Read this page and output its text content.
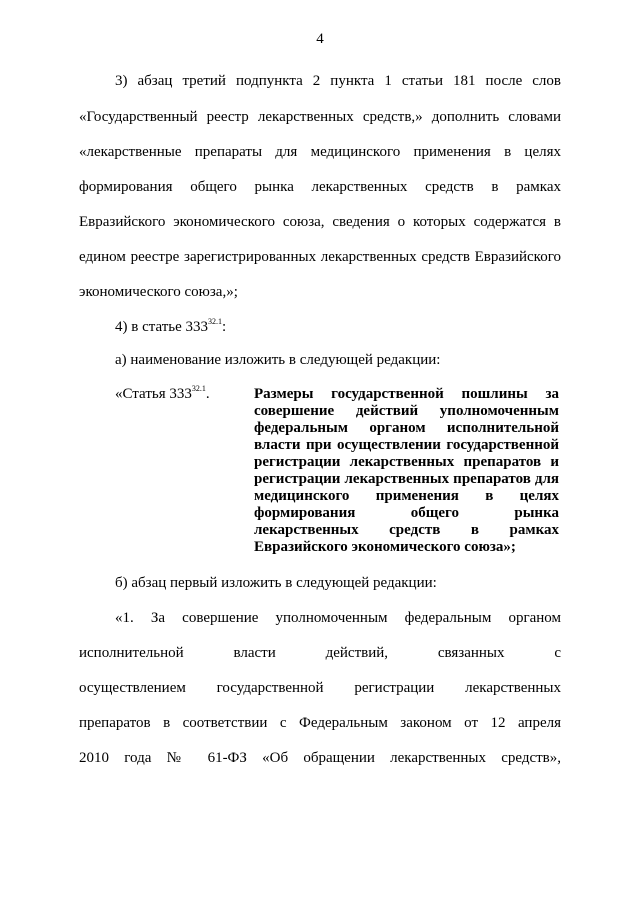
4
3) абзац третий подпункта 2 пункта 1 статьи 181 после слов
«Государственный реестр лекарственных средств,» дополнить словами
«лекарственные препараты для медицинского применения в целях
формирования общего рынка лекарственных средств в рамках
Евразийского экономического союза, сведения о которых содержатся в
едином реестре зарегистрированных лекарственных средств Евразийского
экономического союза,»;
4) в статье $333^{32.1}$:
а) наименование изложить в следующей редакции:
«Статья $333^{32.1}$.	Размеры государственной пошлины за
совершение действий уполномоченным
федеральным органом исполнительной
власти при осуществлении государственной
регистрации лекарственных препаратов и
регистрации лекарственных препаратов для
медицинского применения в целях
формирования общего рынка
лекарственных средств в рамках
Евразийского экономического союза»;
б) абзац первый изложить в следующей редакции:
«1. За совершение уполномоченным федеральным органом
исполнительной власти действий, связанных с
осуществлением государственной регистрации лекарственных
препаратов в соответствии с Федеральным законом от 12 апреля
2010 года № 61-ФЗ «Об обращении лекарственных средств»,
